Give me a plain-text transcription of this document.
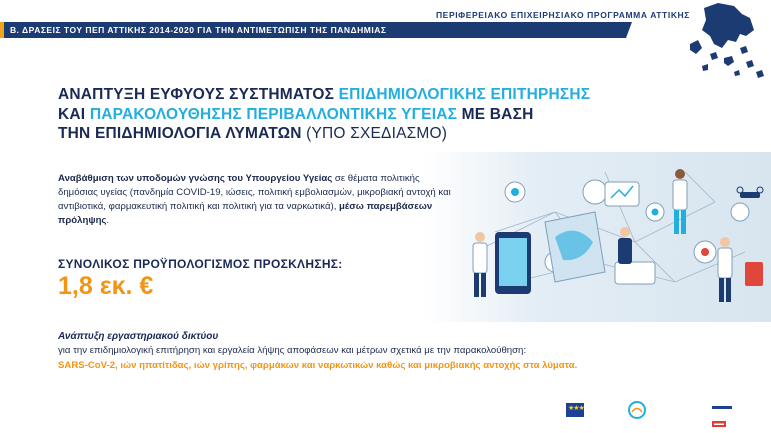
ΠΕΡΙΦΕΡΕΙΑΚΟ ΕΠΙΧΕΙΡΗΣΙΑΚΟ ΠΡΟΓΡΑΜΜΑ ΑΤΤΙΚΗΣ
Β. ΔΡΑΣΕΙΣ ΤΟΥ ΠΕΠ ΑΤΤΙΚΗΣ 2014-2020 ΓΙΑ ΤΗΝ ΑΝΤΙΜΕΤΩΠΙΣΗ ΤΗΣ ΠΑΝΔΗΜΙΑΣ
ΑΝΑΠΤΥΞΗ ΕΥΦΥΟΥΣ ΣΥΣΤΗΜΑΤΟΣ ΕΠΙΔΗΜΙΟΛΟΓΙΚΗΣ ΕΠΙΤΗΡΗΣΗΣ
ΚΑΙ ΠΑΡΑΚΟΛΟΥΘΗΣΗΣ ΠΕΡΙΒΑΛΛΟΝΤΙΚΗΣ ΥΓΕΙΑΣ ΜΕ ΒΑΣΗ
ΤΗΝ ΕΠΙΔΗΜΙΟΛΟΓΙΑ ΛΥΜΑΤΩΝ (ΥΠΟ ΣΧΕΔΙΑΣΜΟ)
Αναβάθμιση των υποδομών γνώσης του Υπουργείου Υγείας σε θέματα πολιτικής δημόσιας υγείας (πανδημία COVID-19, ιώσεις, πολιτική εμβολιασμών, μικροβιακή αντοχή και αντιβιοτικά, φαρμακευτική πολιτική και πολιτική για τα ναρκωτικά), μέσω παρεμβάσεων πρόληψης.
ΣΥΝΟΛΙΚΟΣ ΠΡΟΫΠΟΛΟΓΙΣΜΟΣ ΠΡΟΣΚΛΗΣΗΣ:
1,8 εκ. €
Ανάπτυξη εργαστηριακού δικτύου
για την επιδημιολογική επιτήρηση και εργαλεία λήψης αποφάσεων και μέτρων σχετικά με την παρακολούθηση:
SARS-CoV-2, ιών ηπατίτιδας, ιών γρίπης, φαρμάκων και ναρκωτικών καθώς και μικροβιακής αντοχής στα λύματα.
★★★	▬▬
▬▬
